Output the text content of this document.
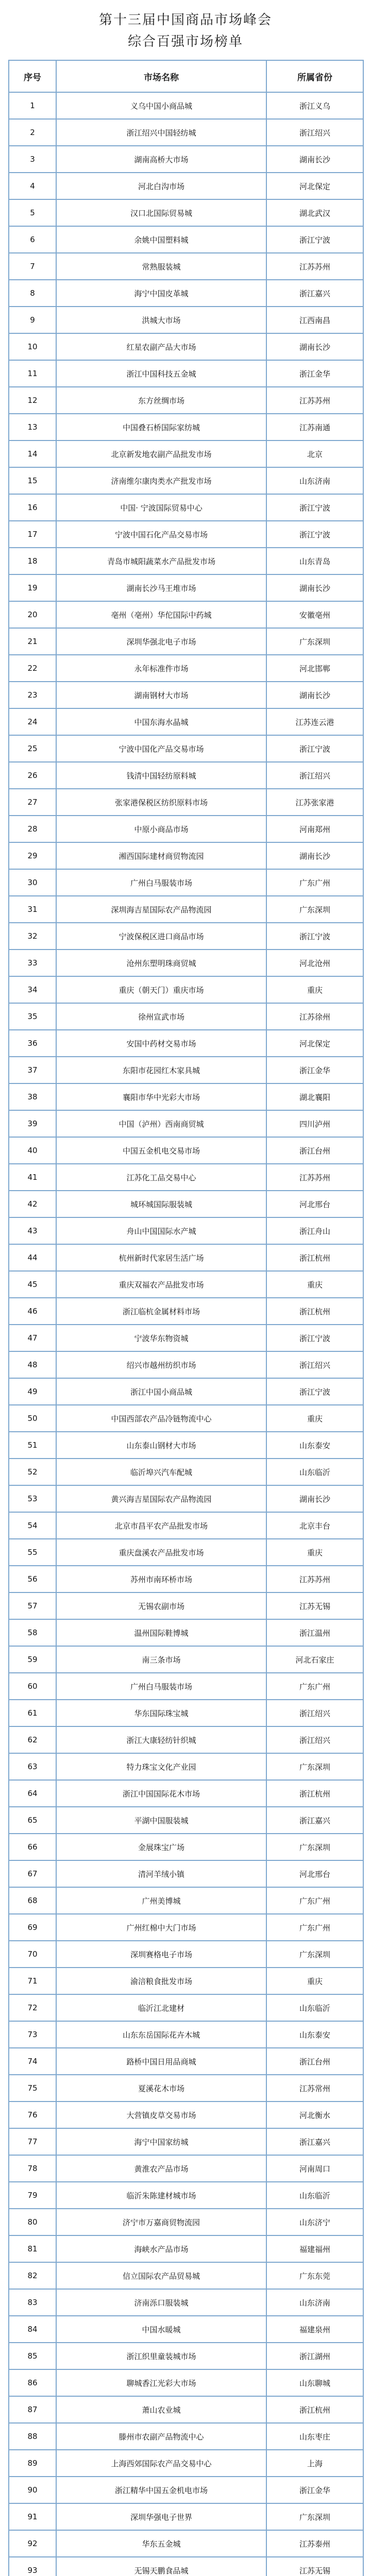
第十三届中国商品市场峰会
综合百强市场榜单
序号	市场名称	所属省份
1	义乌中国小商品城	浙江义乌
2	浙江绍兴中国轻纺城	浙江绍兴
3	湖南高桥大市场	湖南长沙
4	河北白沟市场	河北保定
5	汉口北国际贸易城	湖北武汉
6	余姚中国塑料城	浙江宁波
7	常熟服装城	江苏苏州
8	海宁中国皮革城	浙江嘉兴
9	洪城大市场	江西南昌
10	红星农副产品大市场	湖南长沙
11	浙江中国科技五金城	浙江金华
12	东方丝绸市场	江苏苏州
13	中国叠石桥国际家纺城	江苏南通
14	北京新发地农副产品批发市场	北京
15	济南维尔康肉类水产批发市场	山东济南
16	中国· 宁波国际贸易中心	浙江宁波
17	宁波中国石化产品交易市场	浙江宁波
18	青岛市城阳蔬菜水产品批发市场	山东青岛
19	湖南长沙马王堆市场	湖南长沙
20	亳州（亳州）华佗国际中药城	安徽亳州
21	深圳华强北电子市场	广东深圳
22	永年标准件市场	河北邯郸
23	湖南钢材大市场	湖南长沙
24	中国东海水晶城	江苏连云港
25	宁波中国化产品交易市场	浙江宁波
26	钱清中国轻纺原料城	浙江绍兴
27	张家港保税区纺织原料市场	江苏张家港
28	中原小商品市场	河南郑州
29	湘西国际建材商贸物流园	湖南长沙
30	广州白马服装市场	广东广州
31	深圳海吉星国际农产品物流园	广东深圳
32	宁波保税区进口商品市场	浙江宁波
33	沧州东塑明珠商贸城	河北沧州
34	重庆（朝天门）重庆市场	重庆
35	徐州宣武市场	江苏徐州
36	安国中药材交易市场	河北保定
37	东阳市花园红木家具城	浙江金华
38	襄阳市华中光彩大市场	湖北襄阳
39	中国（泸州）西南商贸城	四川泸州
40	中国五金机电交易市场	浙江台州
41	江苏化工品交易中心	江苏苏州
42	城环城国际服装城	河北邢台
43	舟山中国国际水产城	浙江舟山
44	杭州新时代家居生活广场	浙江杭州
45	重庆双福农产品批发市场	重庆
46	浙江临杭金属材料市场	浙江杭州
47	宁波华东物资城	浙江宁波
48	绍兴市越州纺织市场	浙江绍兴
49	浙江中国小商品城	浙江宁波
50	中国西部农产品冷链物流中心	重庆
51	山东泰山钢材大市场	山东泰安
52	临沂埠兴汽车配城	山东临沂
53	黄兴海吉星国际农产品物流园	湖南长沙
54	北京市昌平农产品批发市场	北京丰台
55	重庆盘溪农产品批发市场	重庆
56	苏州市南环桥市场	江苏苏州
57	无锡农副市场	江苏无锡
58	温州国际鞋博城	浙江温州
59	南三条市场	河北石家庄
60	广州白马服装市场	广东广州
61	华东国际珠宝城	浙江绍兴
62	浙江大康轻纺针织城	浙江绍兴
63	特力珠宝文化产业园	广东深圳
64	浙江中国国际花木市场	浙江杭州
65	平湖中国服装城	浙江嘉兴
66	金展珠宝广场	广东深圳
67	清河羊绒小镇	河北邢台
68	广州美博城	广东广州
69	广州红棉中大门市场	广东广州
70	深圳赛格电子市场	广东深圳
71	渝涪粮食批发市场	重庆
72	临沂江北建材	山东临沂
73	山东东岳国际花卉木城	山东泰安
74	路桥中国日用品商城	浙江台州
75	夏溪花木市场	江苏常州
76	大营镇皮草交易市场	河北衡水
77	海宁中国家纺城	浙江嘉兴
78	黄淮农产品市场	河南周口
79	临沂朱陈建材城市场	山东临沂
80	济宁市万嘉商贸物流园	山东济宁
81	海峡水产品市场	福建福州
82	信立国际农产品贸易城	广东东莞
83	济南泺口服装城	山东济南
84	中国水暖城	福建泉州
85	浙江织里童装城市场	浙江湖州
86	聊城香江光彩大市场	山东聊城
87	萧山农业城	浙江杭州
88	滕州市农副产品物流中心	山东枣庄
89	上海西郊国际农产品交易中心	上海
90	浙江精华中国五金机电市场	浙江金华
91	深圳华强电子世界	广东深圳
92	华东五金城	江苏泰州
93	无锡天鹏食品城	江苏无锡
